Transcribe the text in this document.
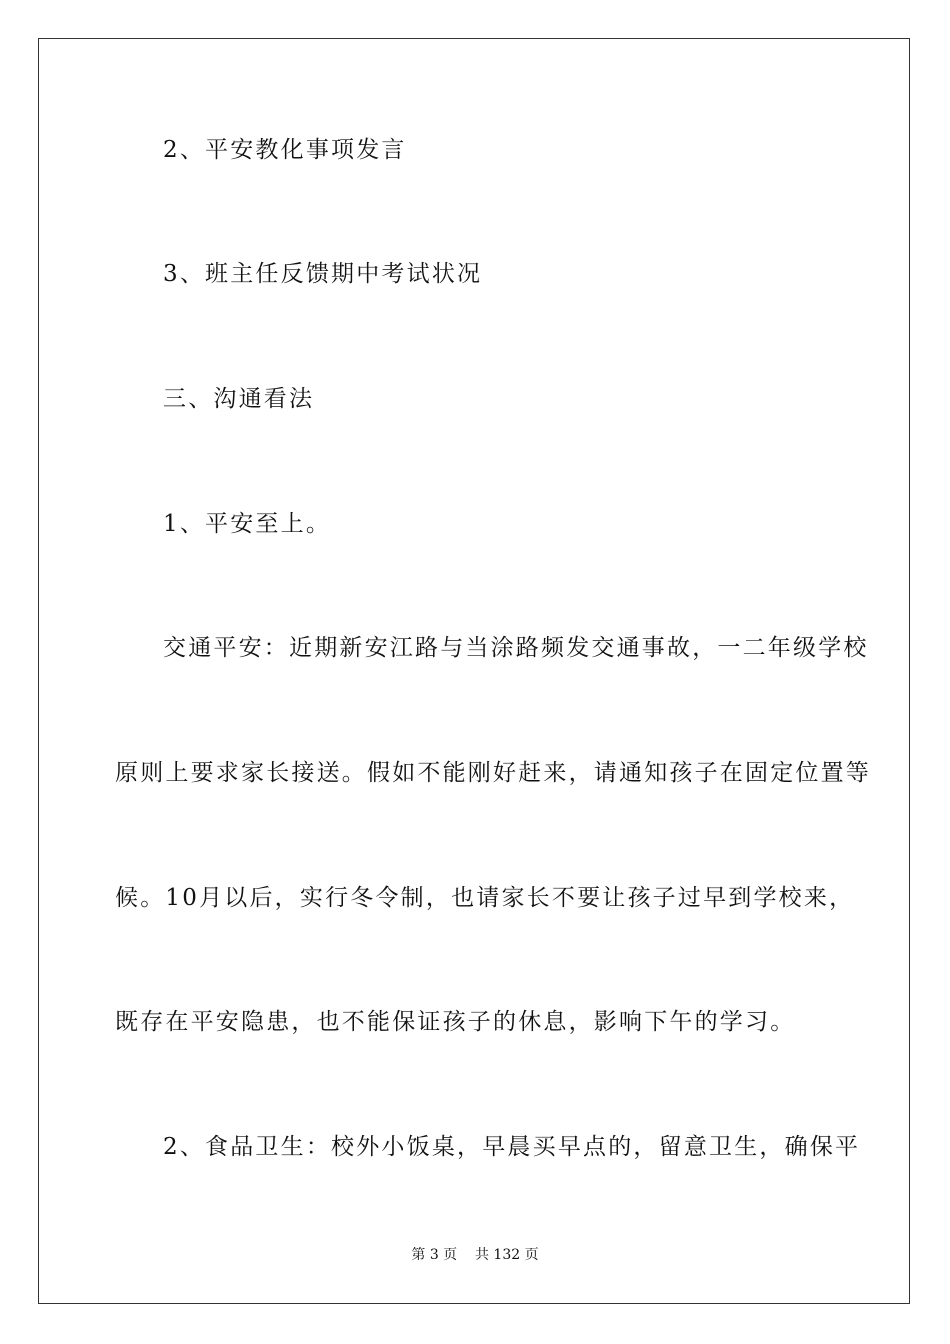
2、平安教化事项发言
3、班主任反馈期中考试状况
三、沟通看法
1、平安至上。
交通平安：近期新安江路与当涂路频发交通事故，一二年级学校
原则上要求家长接送。假如不能刚好赶来，请通知孩子在固定位置等
候。10月以后，实行冬令制，也请家长不要让孩子过早到学校来，
既存在平安隐患，也不能保证孩子的休息，影响下午的学习。
2、食品卫生：校外小饭桌，早晨买早点的，留意卫生，确保平
第 3 页    共 132 页
